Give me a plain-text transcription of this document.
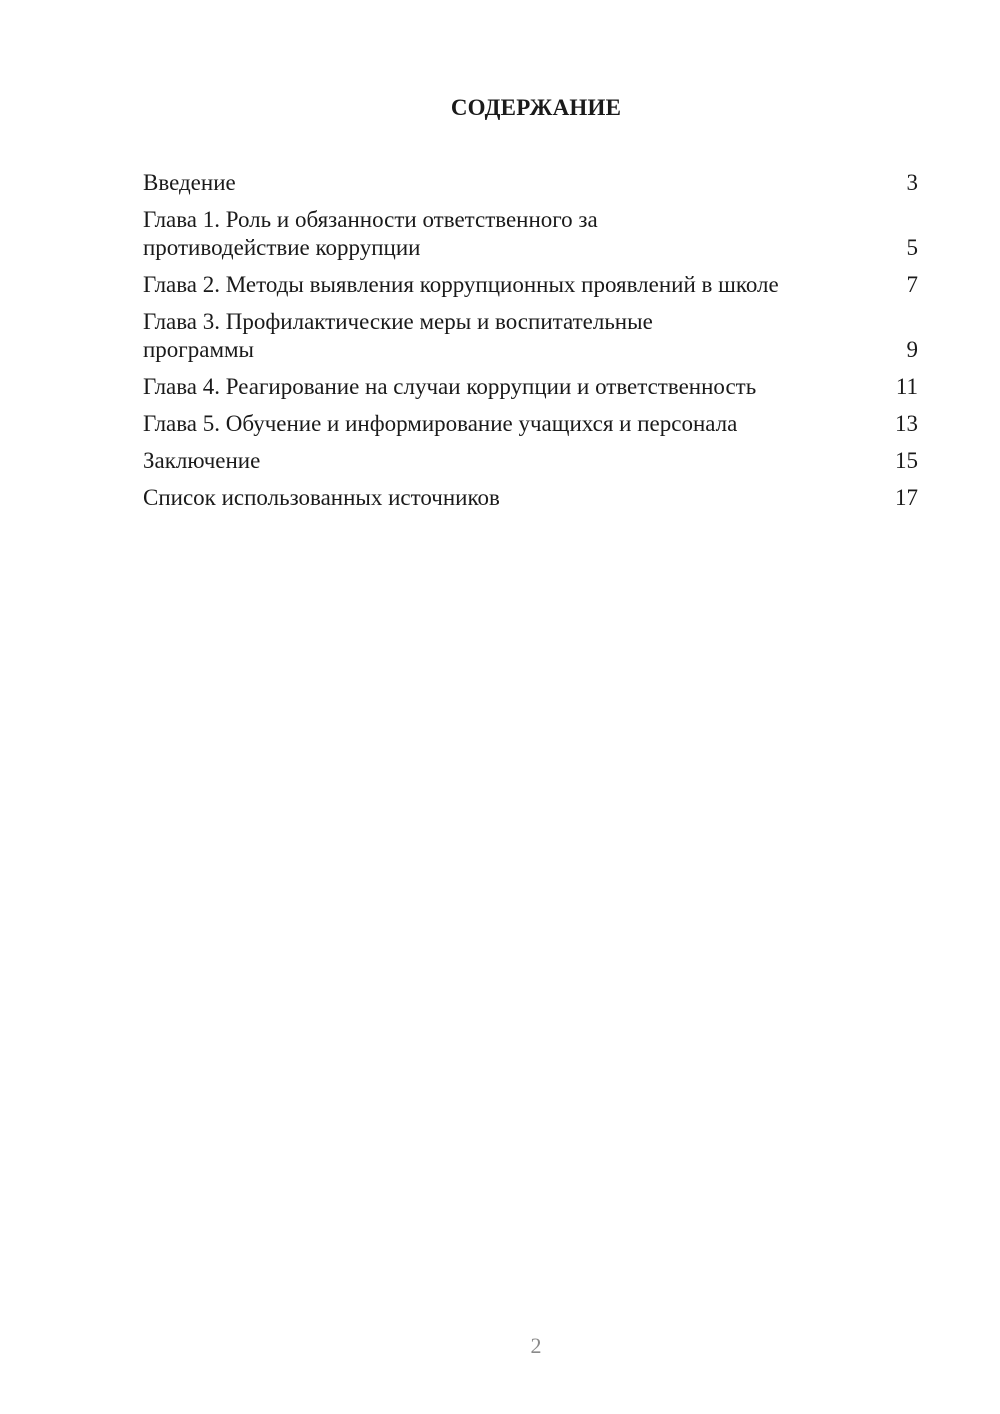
СОДЕРЖАНИЕ
Введение	3
Глава 1. Роль и обязанности ответственного за противодействие коррупции	5
Глава 2. Методы выявления коррупционных проявлений в школе	7
Глава 3. Профилактические меры и воспитательные программы	9
Глава 4. Реагирование на случаи коррупции и ответственность	11
Глава 5. Обучение и информирование учащихся и персонала	13
Заключение	15
Список использованных источников	17
2
